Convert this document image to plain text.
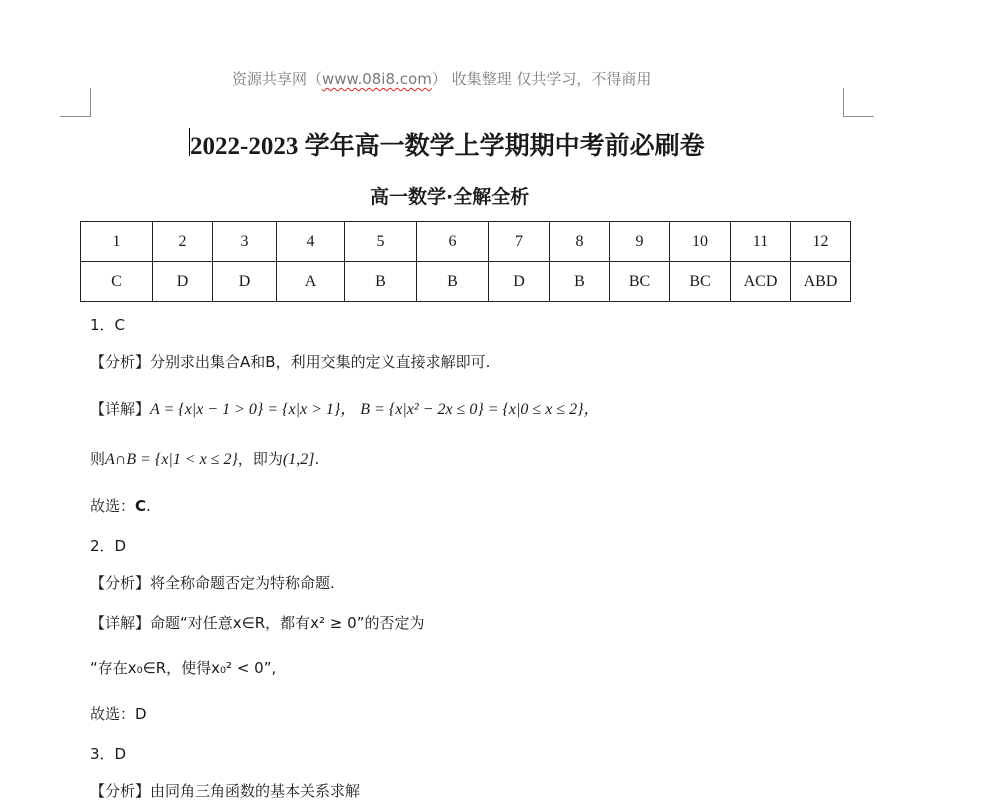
资源共享网（www.08i8.com） 收集整理 仅共学习，不得商用
2022-2023 学年高一数学上学期期中考前必刷卷
高一数学·全解全析
1	2	3	4	5	6	7	8	9	10	11	12
C	D	D	A	B	B	D	B	BC	BC	ACD	ABD
1．C
【分析】分别求出集合A和B，利用交集的定义直接求解即可.
【详解】A = {x|x − 1 > 0} = {x|x > 1}， B = {x|x² − 2x ≤ 0} = {x|0 ≤ x ≤ 2}，
则A∩B = {x|1 < x ≤ 2}，即为(1,2].
故选：C.
2．D
【分析】将全称命题否定为特称命题.
【详解】命题“对任意x∈R，都有x² ≥ 0”的否定为
“存在x₀∈R，使得x₀² < 0”,
故选：D
3．D
【分析】由同角三角函数的基本关系求解
